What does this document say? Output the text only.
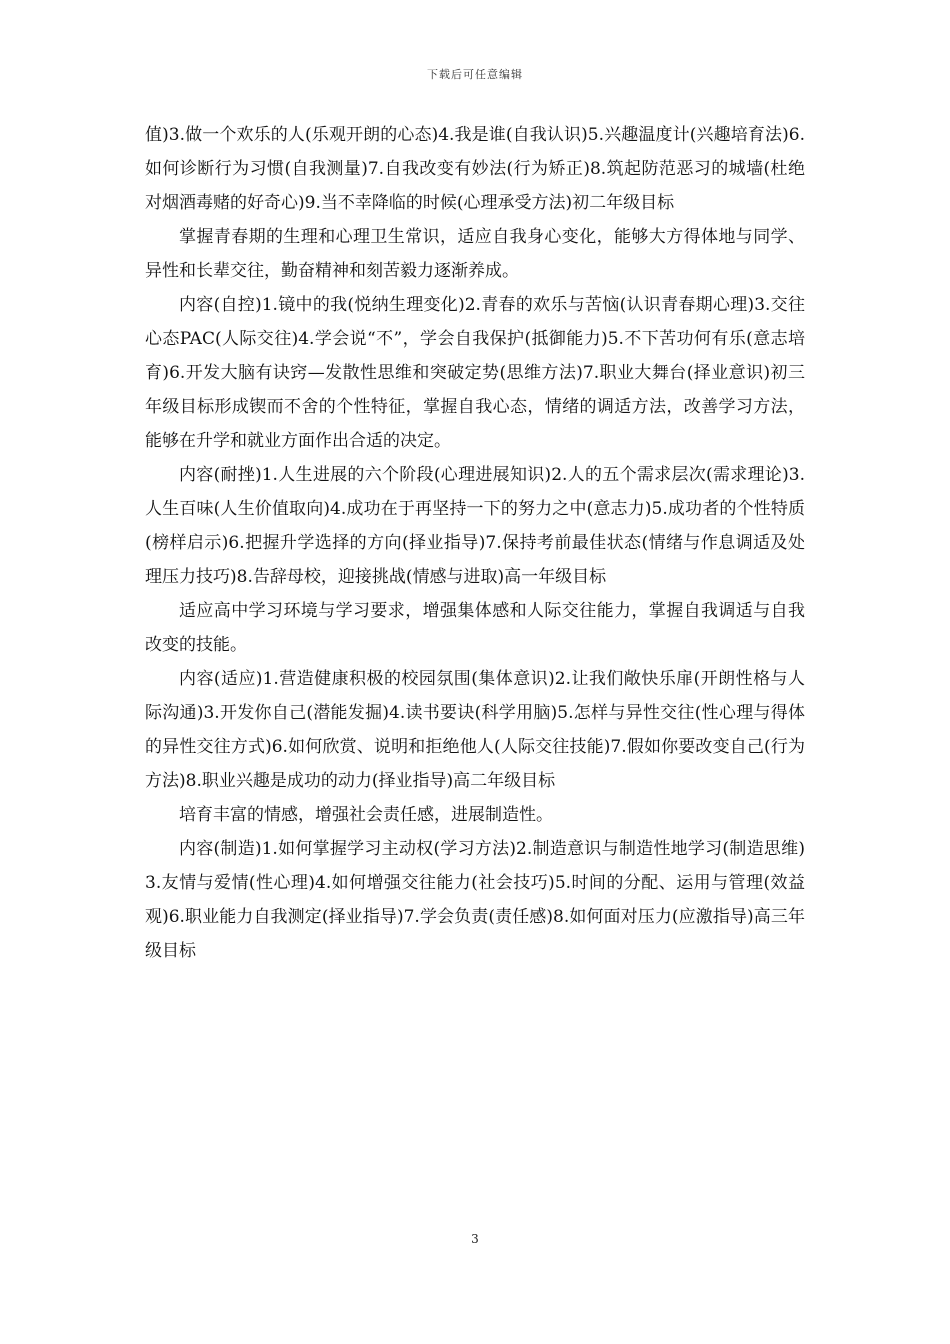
下载后可任意编辑

值)3.做一个欢乐的人(乐观开朗的心态)4.我是谁(自我认识)5.兴趣温度计(兴趣培育法)6.如何诊断行为习惯(自我测量)7.自我改变有妙法(行为矫正)8.筑起防范恶习的城墙(杜绝对烟酒毒赌的好奇心)9.当不幸降临的时候(心理承受方法)初二年级目标

掌握青春期的生理和心理卫生常识，适应自我身心变化，能够大方得体地与同学、异性和长辈交往，勤奋精神和刻苦毅力逐渐养成。

内容(自控)1.镜中的我(悦纳生理变化)2.青春的欢乐与苦恼(认识青春期心理)3.交往心态PAC(人际交往)4.学会说“不”，学会自我保护(抵御能力)5.不下苦功何有乐(意志培育)6.开发大脑有诀窍—发散性思维和突破定势(思维方法)7.职业大舞台(择业意识)初三年级目标形成锲而不舍的个性特征，掌握自我心态，情绪的调适方法，改善学习方法，能够在升学和就业方面作出合适的决定。

内容(耐挫)1.人生进展的六个阶段(心理进展知识)2.人的五个需求层次(需求理论)3.人生百味(人生价值取向)4.成功在于再坚持一下的努力之中(意志力)5.成功者的个性特质(榜样启示)6.把握升学选择的方向(择业指导)7.保持考前最佳状态(情绪与作息调适及处理压力技巧)8.告辞母校，迎接挑战(情感与进取)高一年级目标

适应高中学习环境与学习要求，增强集体感和人际交往能力，掌握自我调适与自我改变的技能。

内容(适应)1.营造健康积极的校园氛围(集体意识)2.让我们敞快乐扉(开朗性格与人际沟通)3.开发你自己(潜能发掘)4.读书要诀(科学用脑)5.怎样与异性交往(性心理与得体的异性交往方式)6.如何欣赏、说明和拒绝他人(人际交往技能)7.假如你要改变自己(行为方法)8.职业兴趣是成功的动力(择业指导)高二年级目标

培育丰富的情感，增强社会责任感，进展制造性。

内容(制造)1.如何掌握学习主动权(学习方法)2.制造意识与制造性地学习(制造思维)3.友情与爱情(性心理)4.如何增强交往能力(社会技巧)5.时间的分配、运用与管理(效益观)6.职业能力自我测定(择业指导)7.学会负责(责任感)8.如何面对压力(应激指导)高三年级目标

3
